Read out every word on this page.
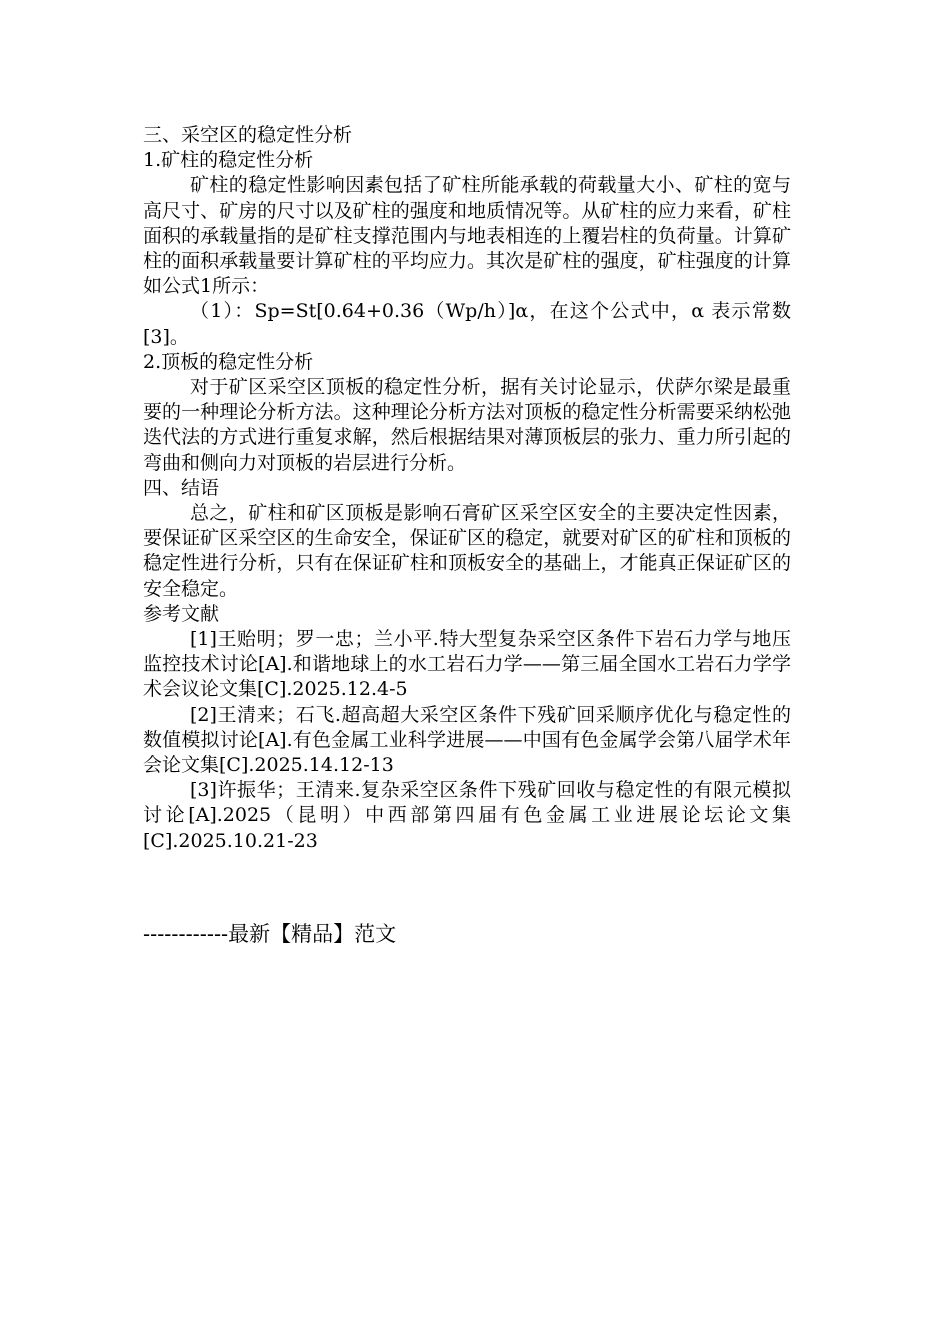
三、采空区的稳定性分析

1.矿柱的稳定性分析

矿柱的稳定性影响因素包括了矿柱所能承载的荷载量大小、矿柱的宽与高尺寸、矿房的尺寸以及矿柱的强度和地质情况等。从矿柱的应力来看，矿柱面积的承载量指的是矿柱支撑范围内与地表相连的上覆岩柱的负荷量。计算矿柱的面积承载量要计算矿柱的平均应力。其次是矿柱的强度，矿柱强度的计算如公式1所示：

（1）：Sp=St[0.64+0.36（Wp/h）]α，在这个公式中，α 表示常数[3]。

2.顶板的稳定性分析

对于矿区采空区顶板的稳定性分析，据有关讨论显示，伏萨尔梁是最重要的一种理论分析方法。这种理论分析方法对顶板的稳定性分析需要采纳松弛迭代法的方式进行重复求解，然后根据结果对薄顶板层的张力、重力所引起的弯曲和侧向力对顶板的岩层进行分析。

四、结语

总之，矿柱和矿区顶板是影响石膏矿区采空区安全的主要决定性因素，要保证矿区采空区的生命安全，保证矿区的稳定，就要对矿区的矿柱和顶板的稳定性进行分析，只有在保证矿柱和顶板安全的基础上，才能真正保证矿区的安全稳定。

参考文献

[1]王贻明；罗一忠；兰小平.特大型复杂采空区条件下岩石力学与地压监控技术讨论[A].和谐地球上的水工岩石力学——第三届全国水工岩石力学学术会议论文集[C].2025.12.4-5

[2]王清来；石飞.超高超大采空区条件下残矿回采顺序优化与稳定性的数值模拟讨论[A].有色金属工业科学进展——中国有色金属学会第八届学术年会论文集[C].2025.14.12-13

[3]许振华；王清来.复杂采空区条件下残矿回收与稳定性的有限元模拟讨论[A].2025（昆明）中西部第四届有色金属工业进展论坛论文集[C].2025.10.21-23

------------最新【精品】范文
